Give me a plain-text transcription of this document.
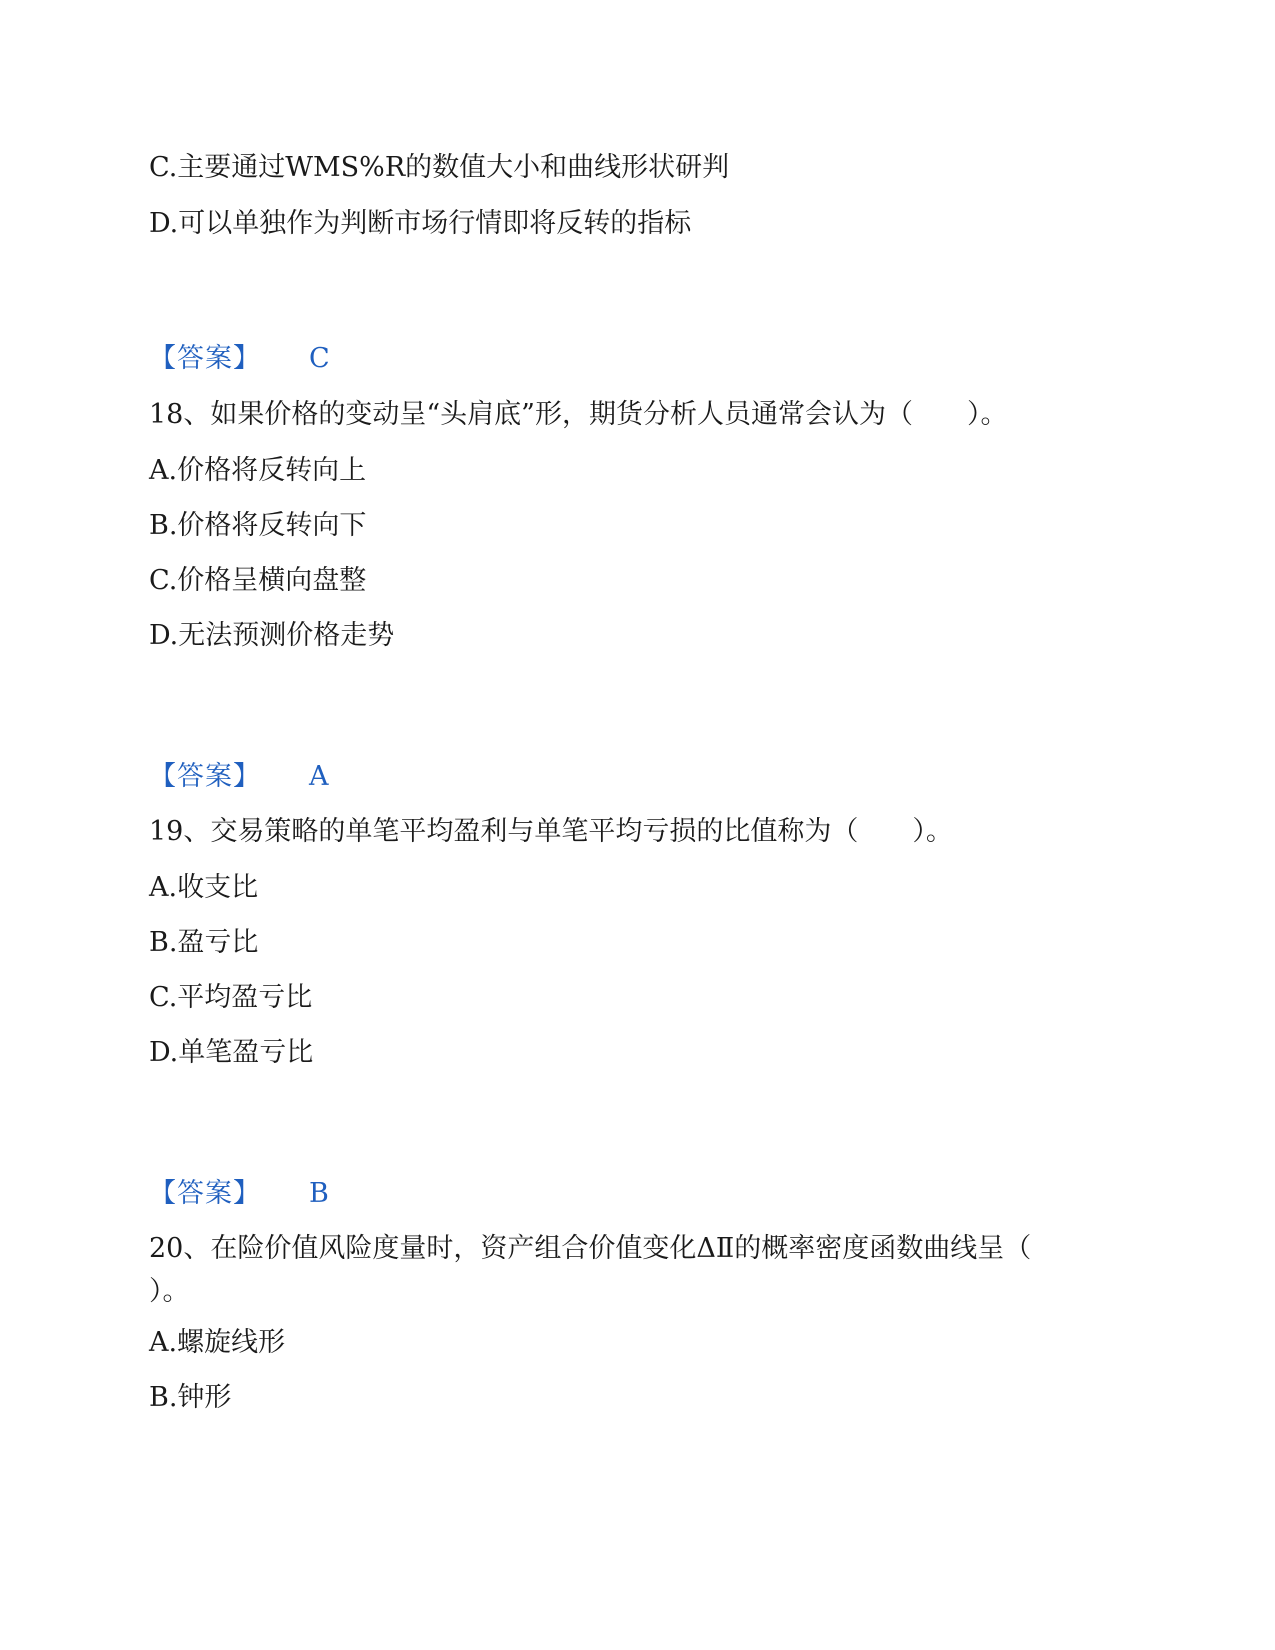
C.主要通过WMS%R的数值大小和曲线形状研判
D.可以单独作为判断市场行情即将反转的指标
【答案】 C
18、如果价格的变动呈“头肩底”形，期货分析人员通常会认为（　　）。
A.价格将反转向上
B.价格将反转向下
C.价格呈横向盘整
D.无法预测价格走势
【答案】 A
19、交易策略的单笔平均盈利与单笔平均亏损的比值称为（　　）。
A.收支比
B.盈亏比
C.平均盈亏比
D.单笔盈亏比
【答案】 B
20、在险价值风险度量时，资产组合价值变化ΔⅡ的概率密度函数曲线呈（
）。
A.螺旋线形
B.钟形
